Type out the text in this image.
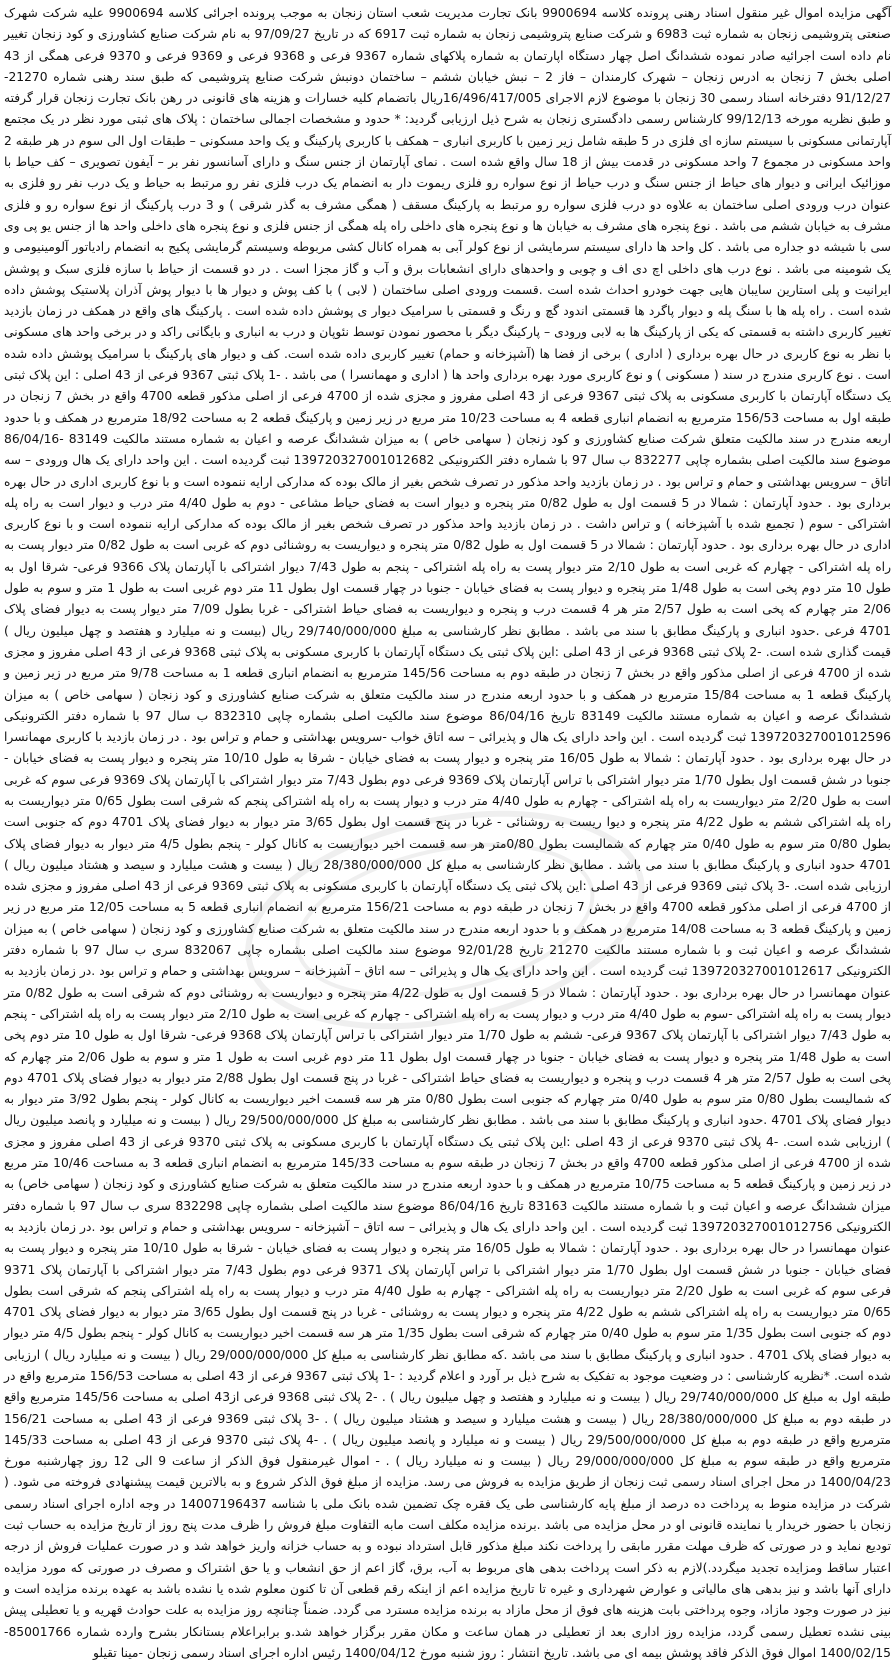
آگهی مزایده اموال غیر منقول اسناد رهنی پرونده کلاسه 9900694 بانک تجارت مدیریت شعب استان زنجان به موجب پرونده اجرائی کلاسه 9900694 علیه شرکت شهرک صنعتی پتروشیمی زنجان به شماره ثبت 6983 و شرکت صنایع پتروشیمی زنجان به شماره ثبت 6917 که در تاریخ 97/09/27 به نام شرکت صنایع کشاورزی و کود زنجان تغییر نام داده است اجرائیه صادر نموده ششدانگ اصل چهار دستگاه اپارتمان به شماره پلاکهای شماره 9367 فرعی و 9368 فرعی و 9369 فرعی و 9370 فرعی همگی از 43 اصلی بخش 7 زنجان به ادرس زنجان – شهرک کارمندان – فاز 2 – نبش خیابان ششم – ساختمان دونبش شرکت صنایع پتروشیمی که طبق سند رهنی شماره 21270-91/12/27 دفترخانه اسناد رسمی 30 زنجان با موضوع لازم الاجرای 16/496/417/005ریال باتضمام کلیه خسارات و هزینه های قانونی در رهن بانک تجارت زنجان قرار گرفته و طبق نظریه مورخه 99/12/13 کارشناس رسمی دادگستری زنجان به شرح ذیل ارزیابی گردید: * حدود و مشخصات اجمالی ساختمان : پلاک های ثبتی مورد نظر در یک مجتمع آپارتمانی مسکونی با سیستم سازه ای فلزی در 5 طبقه شامل زیر زمین با کاربری انباری – همکف با کاربری پارکینگ و یک واحد مسکونی – طبقات اول الی سوم در هر طبقه 2 واحد مسکونی در مجموع 7 واحد مسکونی در قدمت بیش از 18 سال واقع شده است . نمای آپارتمان از جنس سنگ و دارای آسانسور نفر بر – آیفون تصویری – کف حیاط با موزائیک ایرانی و دیوار های حیاط از جنس سنگ و درب حیاط از نوع سواره رو فلزی ریموت دار به انضمام یک درب فلزی نفر رو مرتبط به حیاط و یک درب نفر رو فلزی به عنوان درب ورودی اصلی ساختمان به علاوه دو درب فلزی سواره رو مرتبط به پارکینگ مسقف ( همگی مشرف به گذر شرقی ) و 3 درب پارکینگ از نوع سواره رو و فلزی مشرف به خیابان ششم می باشد . نوع پنجره های مشرف به خیابان ها و نوع پنجره های داخلی راه پله همگی از جنس فلزی و نوع پنجره های داخلی واحد ها از جنس یو پی وی سی با شیشه دو جداره می باشد . کل واحد ها دارای سیستم سرمایشی از نوع کولر آبی به همراه کانال کشی مربوطه وسیستم گرمایشی پکیج به انضمام رادیاتور آلومینیومی و یک شومینه می باشد . نوع درب های داخلی اچ دی اف و چوبی و واحدهای دارای انشعابات برق و آب و گاز مجزا است . در دو قسمت از حیاط با سازه فلزی سبک و پوشش ایرانیت و پلی استارین سایبان هایی جهت خودرو احداث شده است .قسمت ورودی اصلی ساختمان ( لابی ) با کف پوش و دیوار ها با دیوار پوش آذران پلاستیک پوشش داده شده است . راه پله ها با سنگ پله و دیوار پاگرد ها قسمتی اندود گچ و رنگ و قسمتی با سرامیک دیوار ی پوشش داده شده است . پارکینگ های واقع در همکف در زمان بازدید تغییر کاربری داشته به قسمتی که یکی از پارکینگ ها به لابی ورودی – پارکینگ دیگر با محصور نمودن توسط نئوپان و درب به انباری و بایگانی راکد و در برخی واحد های مسکونی با نظر به نوع کاربری در حال بهره برداری ( اداری ) برخی از فضا ها (آشپزخانه و حمام) تغییر کاربری داده شده است. کف و دیوار های پارکینگ با سرامیک پوشش داده شده است . نوع کاربری مندرج در سند ( مسکونی ) و نوع کاربری مورد بهره برداری واحد ها ( اداری و مهمانسرا ) می باشد . -1 پلاک ثبتی 9367 فرعی از 43 اصلی : این پلاک ثبتی یک دستگاه آپارتمان با کاربری مسکونی به پلاک ثبتی 9367 فرعی از 43 اصلی مفروز و مجزی شده از 4700 فرعی از اصلی مذکور قطعه 4700 واقع در بخش 7 زنجان در طبقه اول به مساحت 156/53 مترمربع به انضمام انباری قطعه 4 به مساحت 10/23 متر مربع در زیر زمین و پارکینگ قطعه 2 به مساحت 18/92 مترمربع در همکف و با حدود اربعه مندرج در سند مالکیت متعلق شرکت صنایع کشاورزی و کود زنجان ( سهامی خاص ) به میزان ششدانگ عرصه و اعیان به شماره مستند مالکیت 83149 -86/04/16 موضوع سند مالکیت اصلی بشماره چاپی 832277 ب سال 97 با شماره دفتر الکترونیکی 139720327001012682 ثبت گردیده است . این واحد دارای یک هال ورودی – سه اتاق – سرویس بهداشتی و حمام و تراس بود . در زمان بازدید واحد مذکور در تصرف شخص بغیر از مالک بوده که مدارکی ارایه ننموده است و با نوع کاربری اداری در حال بهره برداری بود . حدود آپارتمان : شمالا در 5 قسمت اول به طول 0/82 متر پنجره و دیوار است به فضای حیاط مشاعی - دوم به طول 4/40 متر درب و دیوار است به راه پله اشتراکی - سوم ( تجمیع شده با آشپزخانه ) و تراس داشت . در زمان بازدید واحد مذکور در تصرف شخص بغیر از مالک بوده که مدارکی ارایه ننموده است و با نوع کاربری اداری در حال بهره برداری بود . حدود آپارتمان : شمالا در 5 قسمت اول به طول 0/82 متر پنجره و دیواریست به روشنائی دوم که غربی است به طول 0/82 متر دیوار پست به راه پله اشتراکی - چهارم که غربی است به طول 2/10 متر دیوار پست به راه پله اشتراکی - پنجم به طول 7/43 دیوار اشتراکی با آپارتمان پلاک 9366 فرعی- شرقا اول به طول 10 متر دوم پخی است به طول 1/48 متر پنجره و دیوار پست به فضای خیابان - جنوبا در چهار قسمت اول بطول 11 متر دوم غربی است به طول 1 متر و سوم به طول 2/06 متر چهارم که پخی است به طول 2/57 متر هر 4 قسمت درب و پنجره و دیواریست به فضای حیاط اشتراکی - غربا بطول 7/09 متر دیوار پست به دیوار فضای پلاک 4701 فرعی .حدود انباری و پارکینگ مطابق با سند می باشد . مطابق نظر کارشناسی به مبلغ 29/740/000/000 ریال (بیست و نه میلیارد و هفتصد و چهل میلیون ریال ) قیمت گذاری شده است. -2 پلاک ثبتی 9368 فرعی از 43 اصلی :این پلاک ثبتی یک دستگاه آپارتمان با کاربری مسکونی به پلاک ثبتی 9368 فرعی از 43 اصلی مفروز و مجزی شده از 4700 فرعی از اصلی مذکور واقع در بخش 7 زنجان در طبقه دوم به مساحت 145/56 مترمربع به انضمام انباری قطعه 1 به مساحت 9/78 متر مربع در زیر زمین و پارکینگ قطعه 1 به مساحت 15/84 مترمربع در همکف و با حدود اربعه مندرج در سند مالکیت متعلق به شرکت صنایع کشاورزی و کود زنجان ( سهامی خاص ) به میزان ششدانگ عرصه و اعیان به شماره مستند مالکیت 83149 تاریخ 86/04/16 موضوع سند مالکیت اصلی بشماره چاپی 832310 ب سال 97 با شماره دفتر الکترونیکی 139720327001012596 ثبت گردیده است . این واحد دارای یک هال و پذیرائی – سه اتاق خواب -سرویس بهداشتی و حمام و تراس بود . در زمان بازدید با کاربری مهمانسرا در حال بهره برداری بود . حدود آپارتمان : شمالا به طول 16/05 متر پنجره و دیوار پست به فضای خیابان - شرقا به طول 10/10 متر پنجره و دیوار پست به فضای خیابان - جنوبا در شش قسمت اول بطول 1/70 متر دیوار اشتراکی با تراس آپارتمان پلاک 9369 فرعی دوم بطول 7/43 متر دیوار اشتراکی با آپارتمان پلاک 9369 فرعی سوم که غربی است به طول 2/20 متر دیواریست به راه پله اشتراکی - چهارم به طول 4/40 متر درب و دیوار پست به راه پله اشتراکی پنجم که شرقی است بطول 0/65 متر دیواریست به راه پله اشتراکی ششم به طول 4/22 متر پنجره و دیوا ریست به روشنائی - غربا در پنج قسمت اول بطول 3/65 متر دیوار به دیوار فضای پلاک 4701 دوم که جنوبی است بطول 0/80 متر سوم به طول 0/40 متر چهارم که شمالیست بطول 0/80متر هر سه قسمت اخیر دیواریست به کانال کولر - پنجم بطول 4/5 متر دیوار به دیوار فضای پلاک 4701 حدود انباری و پارکینگ مطابق با سند می باشد . مطابق نظر کارشناسی به مبلغ کل 28/380/000/000 ریال ( بیست و هشت میلیارد و سیصد و هشتاد میلیون ریال ) ارزیابی شده است. -3 پلاک ثبتی 9369 فرعی از 43 اصلی :این پلاک ثبتی یک دستگاه آپارتمان با کاربری مسکونی به پلاک ثبتی 9369 فرعی از 43 اصلی مفروز و مجزی شده از 4700 فرعی از اصلی مذکور قطعه 4700 واقع در بخش 7 زنجان در طبقه دوم به مساحت 156/21 مترمربع به انضمام انباری قطعه 5 به مساحت 12/05 متر مربع در زیر زمین و پارکینگ قطعه 3 به مساحت 14/08 مترمربع در همکف و با حدود اربعه مندرج در سند مالکیت متعلق به شرکت صنایع کشاورزی و کود زنجان ( سهامی خاص ) به میزان ششدانگ عرصه و اعیان ثبت و با شماره مستند مالکیت 21270 تاریخ 92/01/28 موضوع سند مالکیت اصلی بشماره چاپی 832067 سری ب سال 97 با شماره دفتر الکترونیکی 139720327001012617 ثبت گردیده است . این واحد دارای یک هال و پذیرائی – سه اتاق – آشپزخانه – سرویس بهداشتی و حمام و تراس بود .در زمان بازدید به عنوان مهمانسرا در حال بهره برداری بود . حدود آپارتمان : شمالا در 5 قسمت اول به طول 4/22 متر پنجره و دیواریست به روشنائی دوم که شرقی است به طول 0/82 متر دیوار پست به راه پله اشتراکی -سوم به طول 4/40 متر درب و دیوار پست به راه پله اشتراکی - چهارم که غربی است به طول 2/10 متر دیوار پست به راه پله اشتراکی - پنجم به طول 7/43 دیوار اشتراکی با آپارتمان پلاک 9367 فرعی- ششم به طول 1/70 متر دیوار اشتراکی با تراس آپارتمان پلاک 9368 فرعی- شرقا اول به طول 10 متر دوم پخی است به طول 1/48 متر پنجره و دیوار پست به فضای خیابان - جنوبا در چهار قسمت اول بطول 11 متر دوم غربی است به طول 1 متر و سوم به طول 2/06 متر چهارم که پخی است به طول 2/57 متر هر 4 قسمت درب و پنجره و دیواریست به فضای حیاط اشتراکی - غربا در پنج قسمت اول بطول 2/88 متر دیوار به دیوار فضای پلاک 4701 دوم که شمالیست بطول 0/80 متر سوم به طول 0/40 متر چهارم که جنوبی است بطول 0/80 متر هر سه قسمت اخیر دیواریست به کانال کولر - پنجم بطول 3/92 متر دیوار به دیوار فضای پلاک 4701 .حدود انباری و پارکینگ مطابق با سند می باشد . مطابق نظر کارشناسی به مبلغ کل 29/500/000/000 ریال ( بیست و نه میلیارد و پانصد میلیون ریال ) ارزیابی شده است. -4 پلاک ثبتی 9370 فرعی از 43 اصلی :این پلاک ثبتی یک دستگاه آپارتمان با کاربری مسکونی به پلاک ثبتی 9370 فرعی از 43 اصلی مفروز و مجزی شده از 4700 فرعی از اصلی مذکور قطعه 4700 واقع در بخش 7 زنجان در طبقه سوم به مساحت 145/33 مترمربع به انضمام انباری قطعه 3 به مساحت 10/46 متر مربع در زیر زمین و پارکینگ قطعه 5 به مساحت 10/75 مترمربع در همکف و با حدود اربعه مندرج در سند مالکیت متعلق به شرکت صنایع کشاورزی و کود زنجان ( سهامی خاص) به میزان ششدانگ عرصه و اعیان ثبت و با شماره مستند مالکیت 83163 تاریخ 86/04/16 موضوع سند مالکیت اصلی بشماره چاپی 832298 سری ب سال 97 با شماره دفتر الکترونیکی 139720327001012756 ثبت گردیده است . این واحد دارای یک هال و پذیرائی – سه اتاق – آشپزخانه - سرویس بهداشتی و حمام و تراس بود .در زمان بازدید به عنوان مهمانسرا در حال بهره برداری بود . حدود آپارتمان : شمالا به طول 16/05 متر پنجره و دیوار پست به فضای خیابان - شرقا به طول 10/10 متر پنجره و دیوار پست به فضای خیابان - جنوبا در شش قسمت اول بطول 1/70 متر دیوار اشتراکی با تراس آپارتمان پلاک 9371 فرعی دوم بطول 7/43 متر دیوار اشتراکی با آپارتمان پلاک 9371 فرعی سوم که غربی است به طول 2/20 متر دیواریست به راه پله اشتراکی - چهارم به طول 4/40 متر درب و دیوار پست به راه پله اشتراکی پنجم که شرقی است بطول 0/65 متر دیواریست به راه پله اشتراکی ششم به طول 4/22 متر پنجره و دیوار پست به روشنائی - غربا در پنج قسمت اول بطول 3/65 متر دیوار به دیوار فضای پلاک 4701 دوم که جنوبی است بطول 1/35 متر سوم به طول 0/40 متر چهارم که شرقی است بطول 1/35 متر هر سه قسمت اخیر دیواریست به کانال کولر - پنجم بطول 4/5 متر دیوار به دیوار فضای پلاک 4701 . حدود انباری و پارکینگ مطابق با سند می باشد .که مطابق نظر کارشناسی به مبلغ کل 29/000/000/000 ریال ( بیست و نه میلیارد ریال ) ارزیابی شده است. *نظریه کارشناسی : در وضعیت موجود به تفکیک به شرح ذیل بر آورد و اعلام گردید : -1 پلاک ثبتی 9367 فرعی از 43 اصلی به مساحت 156/53 مترمربع واقع در طبقه اول به مبلغ کل 29/740/000/000 ریال ( بیست و نه میلیارد و هفتصد و چهل میلیون ریال ) . -2 پلاک ثبتی 9368 فرعی از43 اصلی به مساحت 145/56 مترمربع واقع در طبقه دوم به مبلغ کل 28/380/000/000 ریال ( بیست و هشت میلیارد و سیصد و هشتاد میلیون ریال ) . -3 پلاک ثبتی 9369 فرعی از 43 اصلی به مساحت 156/21 مترمربع واقع در طبقه دوم به مبلغ کل 29/500/000/000 ریال ( بیست و نه میلیارد و پانصد میلیون ریال ) . -4 پلاک ثبتی 9370 فرعی از 43 اصلی به مساحت 145/33 مترمربع واقع در طبقه سوم به مبلغ کل 29/000/000/000 ریال ( بیست و نه میلیارد ریال ) . - اموال غیرمنقول فوق الذکر از ساعت 9 الی 12 روز چهارشنبه مورخ 1400/04/23 در محل اجرای اسناد رسمی ثبت زنجان از طریق مزایده به فروش می رسد. مزایده از مبلغ فوق الذکر شروع و به بالاترین قیمت پیشنهادی فروخته می شود. ( شرکت در مزایده منوط به پرداخت ده درصد از مبلغ پایه کارشناسی طی یک فقره چک تضمین شده بانک ملی با شناسه 14007196437 در وجه اداره اجرای اسناد رسمی زنجان با حضور خریدار یا نماینده قانونی او در محل مزایده می باشد .برنده مزایده مکلف است مابه التفاوت مبلغ فروش را ظرف مدت پنج روز از تاریخ مزایده به حساب ثبت تودیع نماید و در صورتی که ظرف مهلت مقرر مابقی را پرداخت نکند مبلغ مذکور قابل استرداد نبوده و به حساب خزانه واریز خواهد شد و در صورت عملیات فروش از درجه اعتبار ساقط ومزایده تجدید میگردد.)لازم به ذکر است پرداخت بدهی های مربوط به آب، برق، گاز اعم از حق انشعاب و یا حق اشتراک و مصرف در صورتی که مورد مزایده دارای آنها باشد و نیز بدهی های مالیاتی و عوارض شهرداری و غیره تا تاریخ مزایده اعم از اینکه رقم قطعی آن تا کنون معلوم شده یا نشده باشد به عهده برنده مزایده است و نیز در صورت وجود مازاد، وجوه پرداختی بابت هزینه های فوق از محل مازاد به برنده مزایده مسترد می گردد. ضمناً چنانچه روز مزایده به علت حوادث قهریه و یا تعطیلی پیش بینی نشده تعطیل رسمی گردد، مزایده روز اداری بعد از تعطیلی در همان ساعت و مکان مقرر برگزار خواهد شد.و برابراعلام بستانکار بشرح وارده شماره 85001766-1400/02/15 اموال فوق الذکر فاقد پوشش بیمه ای می باشد. تاریخ انتشار : روز شنبه مورخ 1400/04/12 رئیس اداره اجرای اسناد رسمی زنجان -مینا تقیلو
